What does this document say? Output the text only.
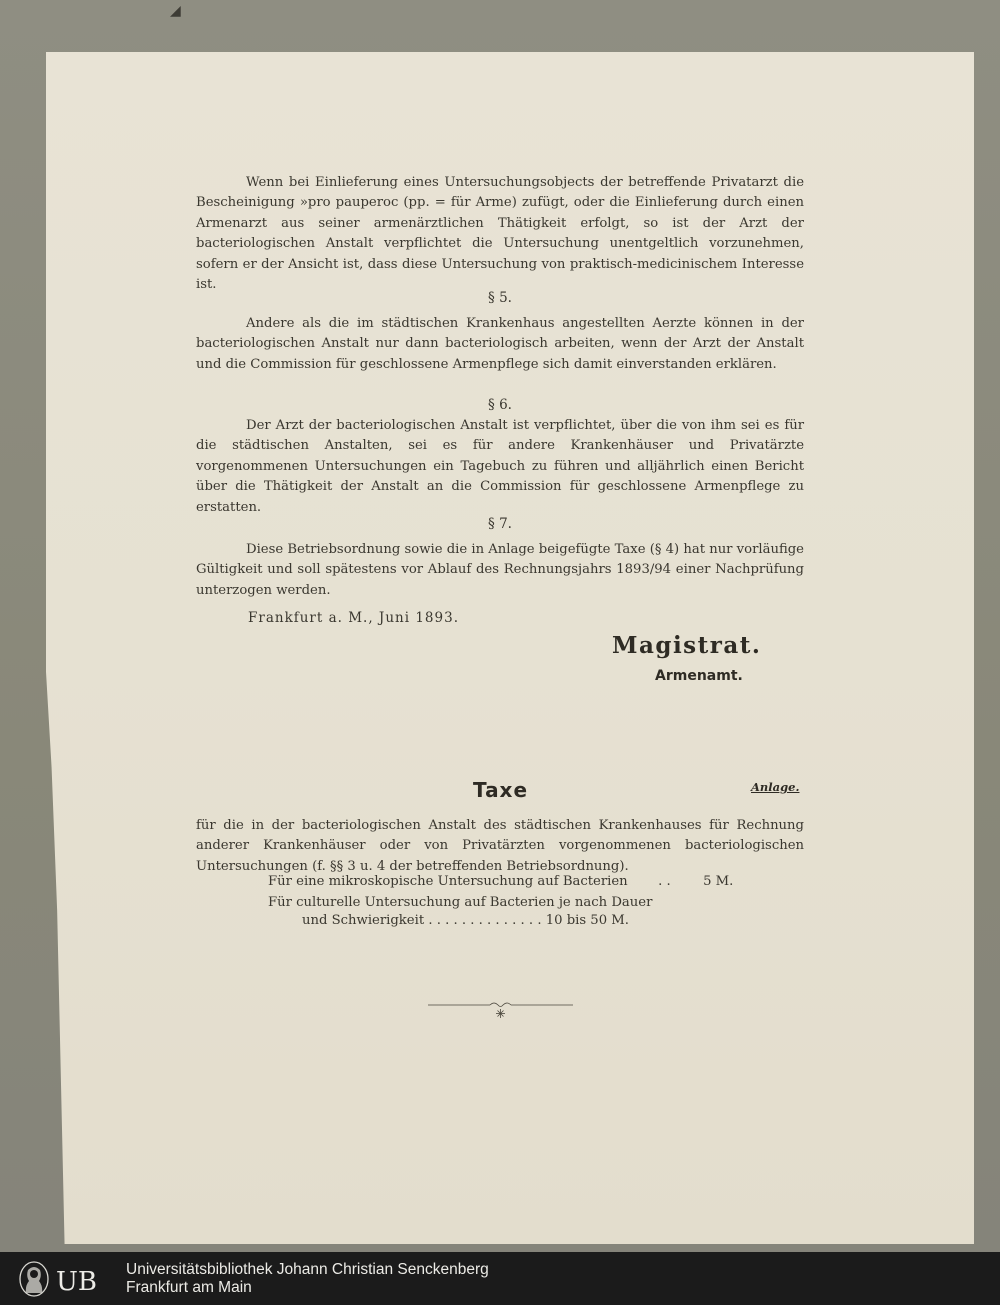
◢

Wenn bei Einlieferung eines Untersuchungsobjects der betreffende Privatarzt die Bescheinigung »pro pauperoc (pp. = für Arme) zufügt, oder die Einlieferung durch einen Armenarzt aus seiner armenärztlichen Thätigkeit erfolgt, so ist der Arzt der bacteriologischen Anstalt verpflichtet die Untersuchung unentgeltlich vorzunehmen, sofern er der Ansicht ist, dass diese Untersuchung von praktisch-medicinischem Interesse ist.

§ 5.

Andere als die im städtischen Krankenhaus angestellten Aerzte können in der bacteriologischen Anstalt nur dann bacteriologisch arbeiten, wenn der Arzt der Anstalt und die Commission für geschlossene Armenpflege sich damit einverstanden erklären.

§ 6.

Der Arzt der bacteriologischen Anstalt ist verpflichtet, über die von ihm sei es für die städtischen Anstalten, sei es für andere Krankenhäuser und Privatärzte vorgenommenen Untersuchungen ein Tagebuch zu führen und alljährlich einen Bericht über die Thätigkeit der Anstalt an die Commission für geschlossene Armenpflege zu erstatten.

§ 7.

Diese Betriebsordnung sowie die in Anlage beigefügte Taxe (§ 4) hat nur vorläufige Gültigkeit und soll spätestens vor Ablauf des Rechnungsjahrs 1893/94 einer Nachprüfung unterzogen werden.

Frankfurt a. M., Juni 1893.
Magistrat.
Armenamt.
Taxe	Anlage.

für die in der bacteriologischen Anstalt des städtischen Krankenhauses für Rechnung anderer Krankenhäuser oder von Privatärzten vorgenommenen bacteriologischen Untersuchungen (f. §§ 3 u. 4 der betreffenden Betriebsordnung).

Für eine mikroskopische Untersuchung auf Bacterien . . 5 M.
Für culturelle Untersuchung auf Bacterien je nach Dauer
und Schwierigkeit . . . . . . . . . . . . . . 10 bis 50 M.
UB Universitätsbibliothek Johann Christian Senckenberg
Frankfurt am Main
